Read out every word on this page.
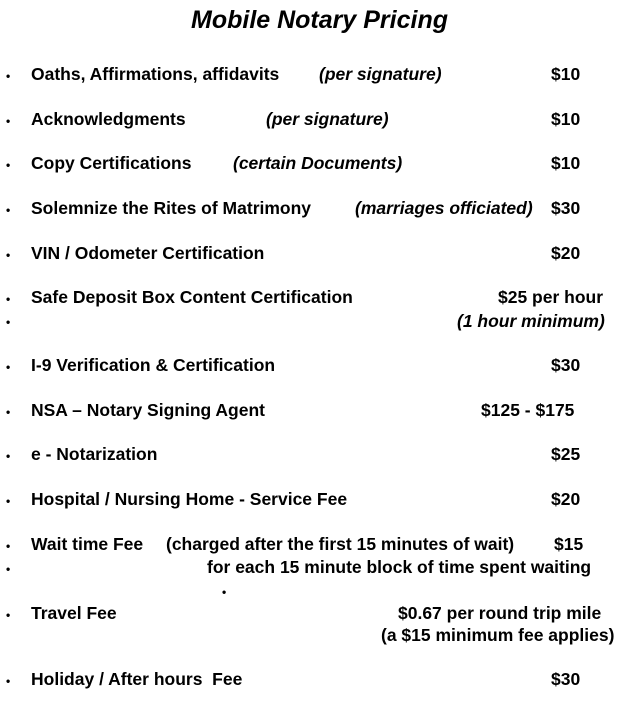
Mobile Notary Pricing
• Oaths, Affirmations, affidavits (per signature)	$10
• Acknowledgments	(per signature)	$10
• Copy Certifications (certain Documents)	$10
• Solemnize the Rites of Matrimony	(marriages officiated) $30
• VIN / Odometer Certification	$20
•
•
Safe Deposit Box Content Certification	$25 per hour
(1 hour minimum)
• I-9 Verification & Certification	$30
• NSA – Notary Signing Agent	$125 - $175
• e - Notarization	$25
• Hospital / Nursing Home - Service Fee	$20
•
•
•
Wait time Fee (charged after the first 15 minutes of wait) $15
for each 15 minute block of time spent waiting
• Travel Fee	$0.67 per round trip mile
(a $15 minimum fee applies)
• Holiday / After hours  Fee	$30
